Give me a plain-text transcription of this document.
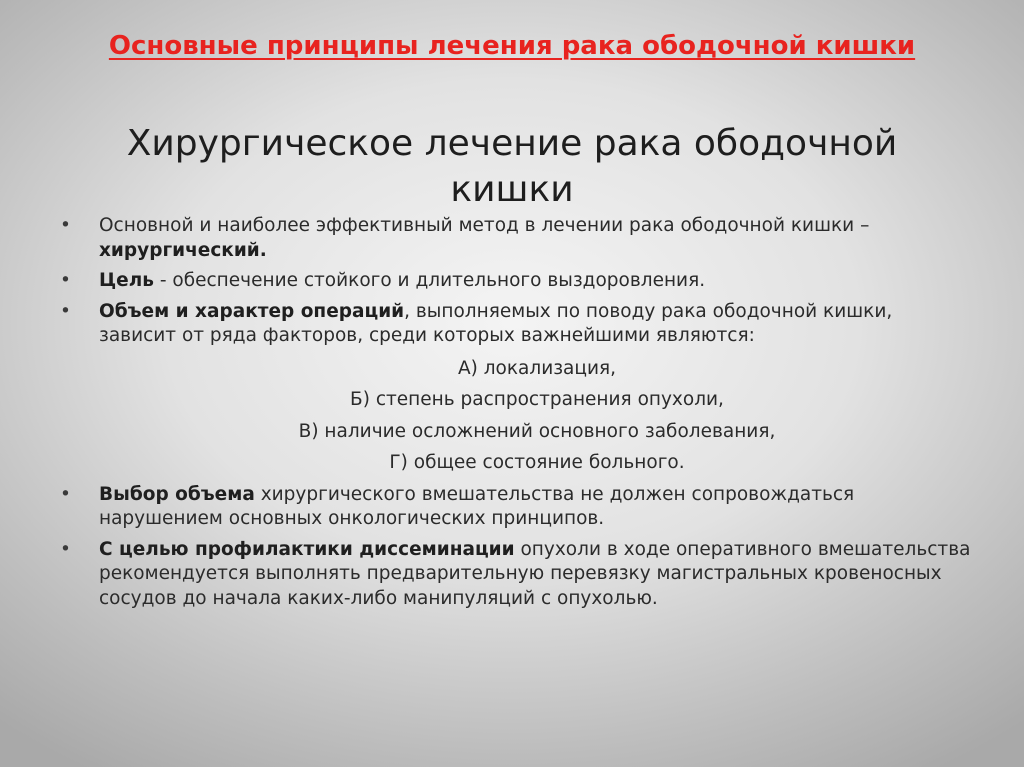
Основные принципы лечения рака ободочной кишки
Хирургическое лечение рака ободочной кишки
• Основной и наиболее эффективный метод в лечении рака ободочной кишки –
хирургический.
• Цель - обеспечение стойкого и длительного выздоровления.
• Объем и характер операций, выполняемых по поводу рака ободочной кишки, зависит от ряда факторов, среди которых важнейшими являются:
А) локализация,
Б) степень распространения опухоли,
В) наличие осложнений основного заболевания,
Г) общее состояние больного.
• Выбор объема хирургического вмешательства не должен сопровождаться нарушением основных онкологических принципов.
• С целью профилактики диссеминации опухоли в ходе оперативного вмешательства рекомендуется выполнять предварительную перевязку магистральных кровеносных сосудов до начала каких-либо манипуляций с опухолью.
